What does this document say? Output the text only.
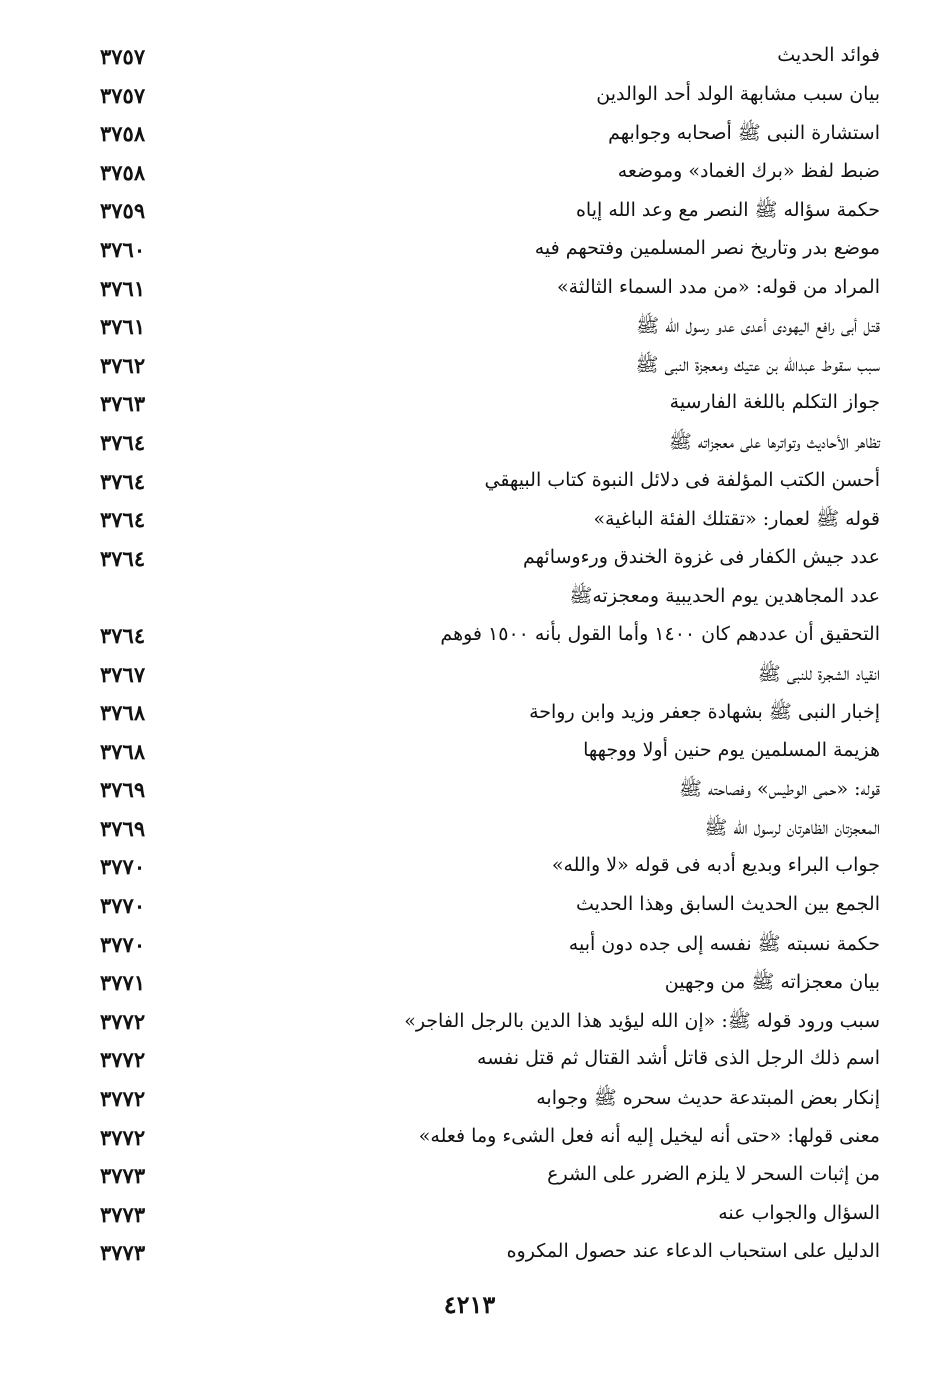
فوائد الحديث
٣٧٥٧
بيان سبب مشابهة الولد أحد الوالدين
٣٧٥٧
استشارة النبى ﷺ أصحابه وجوابهم
٣٧٥٨
ضبط لفظ «برك الغماد» وموضعه
٣٧٥٨
حكمة سؤاله ﷺ النصر مع وعد الله إياه
٣٧٥٩
موضع بدر وتاريخ نصر المسلمين وفتحهم فيه
٣٧٦٠
المراد من قوله: «من مدد السماء الثالثة»
٣٧٦١
قتل أبى رافع اليهودى أعدى عدو رسول الله ﷺ
٣٧٦١
سبب سقوط عبدالله بن عتيك ومعجزة النبى ﷺ
٣٧٦٢
جواز التكلم باللغة الفارسية
٣٧٦٣
تظاهر الأحاديث وتواترها على معجزاته ﷺ
٣٧٦٤
أحسن الكتب المؤلفة فى دلائل النبوة كتاب البيهقي
٣٧٦٤
قوله ﷺ لعمار: «تقتلك الفئة الباغية»
٣٧٦٤
عدد جيش الكفار فى غزوة الخندق ورءوسائهم
٣٧٦٤
عدد المجاهدين يوم الحديبية ومعجزتهﷺ
التحقيق أن عددهم كان ١٤٠٠ وأما القول بأنه ١٥٠٠ فوهم
٣٧٦٤
انقياد الشجرة للنبى ﷺ
٣٧٦٧
إخبار النبى ﷺ بشهادة جعفر وزيد وابن رواحة
٣٧٦٨
هزيمة المسلمين يوم حنين أولا ووجهها
٣٧٦٨
قوله: «حمى الوطيس» وفصاحته ﷺ
٣٧٦٩
المعجزتان الظاهرتان لرسول الله ﷺ
٣٧٦٩
جواب البراء وبديع أدبه فى قوله «لا والله»
٣٧٧٠
الجمع بين الحديث السابق وهذا الحديث
٣٧٧٠
حكمة نسبته ﷺ نفسه إلى جده دون أبيه
٣٧٧٠
بيان معجزاته ﷺ من وجهين
٣٧٧١
سبب ورود قوله ﷺ: «إن الله ليؤيد هذا الدين بالرجل الفاجر»
٣٧٧٢
اسم ذلك الرجل الذى قاتل أشد القتال ثم قتل نفسه
٣٧٧٢
إنكار بعض المبتدعة حديث سحره ﷺ وجوابه
٣٧٧٢
معنى قولها: «حتى أنه ليخيل إليه أنه فعل الشىء وما فعله»
٣٧٧٢
من إثبات السحر لا يلزم الضرر على الشرع
٣٧٧٣
السؤال والجواب عنه
٣٧٧٣
الدليل على استحباب الدعاء عند حصول المكروه
٣٧٧٣
٤٢١٣
